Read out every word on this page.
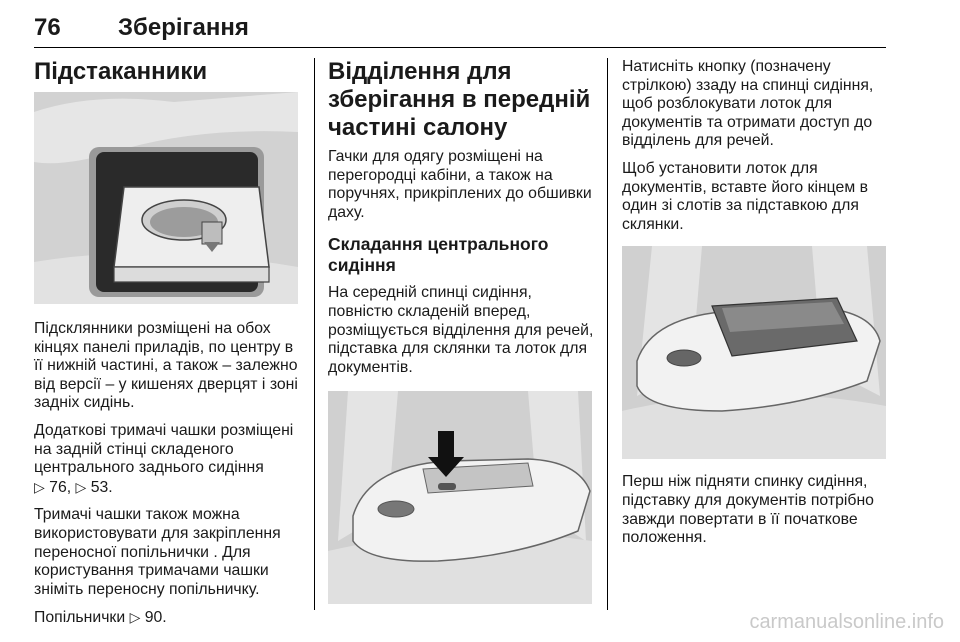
76 Зберігання
Підстаканники
Підсклянники розміщені на обох кінцях панелі приладів, по центру в її нижній частині, а також – залежно від версії – у кишенях дверцят і зоні задніх сидінь.
Додаткові тримачі чашки розміщені на задній стінці складеного центрального заднього сидіння
▷ 76, ▷ 53.
Тримачі чашки також можна використовувати для закріплення переносної попільнички . Для користування тримачами чашки зніміть переносну попільничку.
Попільнички ▷ 90.
Відділення для зберігання в передній частині салону
Гачки для одягу розміщені на перегородці кабіни, а також на поручнях, прикріплених до обшивки даху.
Складання центрального сидіння
На середній спинці сидіння, повністю складеній вперед, розміщується відділення для речей, підставка для склянки та лоток для документів.
Натисніть кнопку (позначену стрілкою) ззаду на спинці сидіння, щоб розблокувати лоток для документів та отримати доступ до відділень для речей.
Щоб установити лоток для документів, вставте його кінцем в один зі слотів за підставкою для склянки.
Перш ніж підняти спинку сидіння, підставку для документів потрібно завжди повертати в її початкове положення.
carmanualsonline.info
